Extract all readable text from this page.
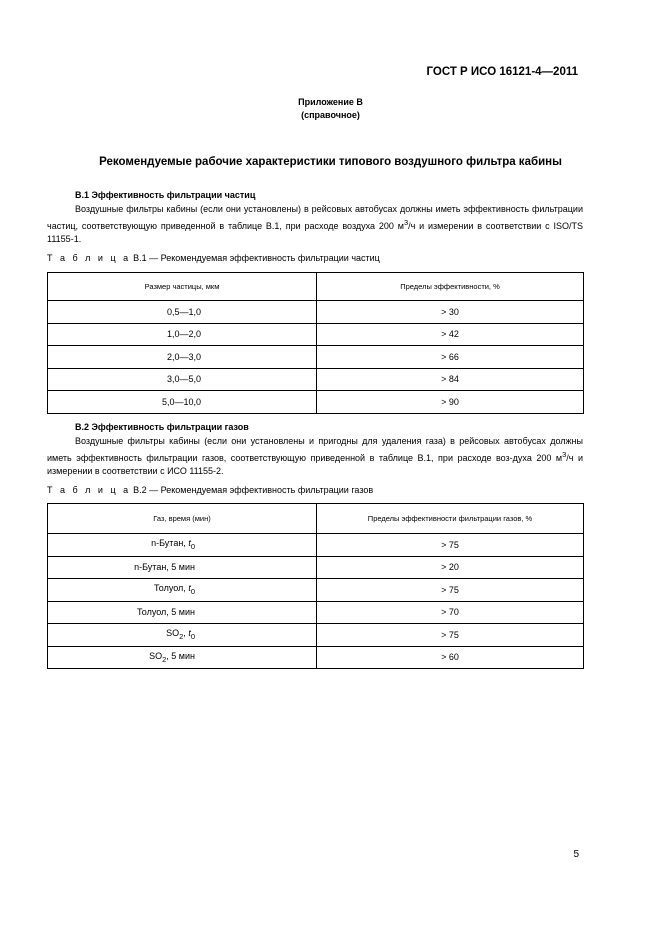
ГОСТ Р ИСО 16121-4—2011
Приложение В
(справочное)
Рекомендуемые рабочие характеристики типового воздушного фильтра кабины
В.1 Эффективность фильтрации частиц

Воздушные фильтры кабины (если они установлены) в рейсовых автобусах должны иметь эффективность фильтрации частиц, соответствующую приведенной в таблице В.1, при расходе воздуха 200 $м^3/ч$ и измерении в соответствии с ISO/TS 11155-1.

Т а б л и ц а В.1 — Рекомендуемая эффективность фильтрации частиц
Размер частицы, мкм	Пределы эффективности, %
0,5—1,0	> 30
1,0—2,0	> 42
2,0—3,0	> 66
3,0—5,0	> 84
5,0—10,0	> 90
В.2 Эффективность фильтрации газов

Воздушные фильтры кабины (если они установлены и пригодны для удаления газа) в рейсовых автобусах должны иметь эффективность фильтрации газов, соответствующую приведенной в таблице В.1, при расходе воз-духа 200 $м^3/ч$ и измерении в соответствии с ИСО 11155-2.

Т а б л и ц а В.2 — Рекомендуемая эффективность фильтрации газов
Газ, время (мин)	Пределы эффективности фильтрации газов, %
n-Бутан, $t_0$	> 75
n-Бутан, 5 мин	> 20
Толуол, $t_0$	> 75
Толуол, 5 мин	> 70
$SO_2$, $t_0$	> 75
$SO_2$, 5 мин	> 60
5
